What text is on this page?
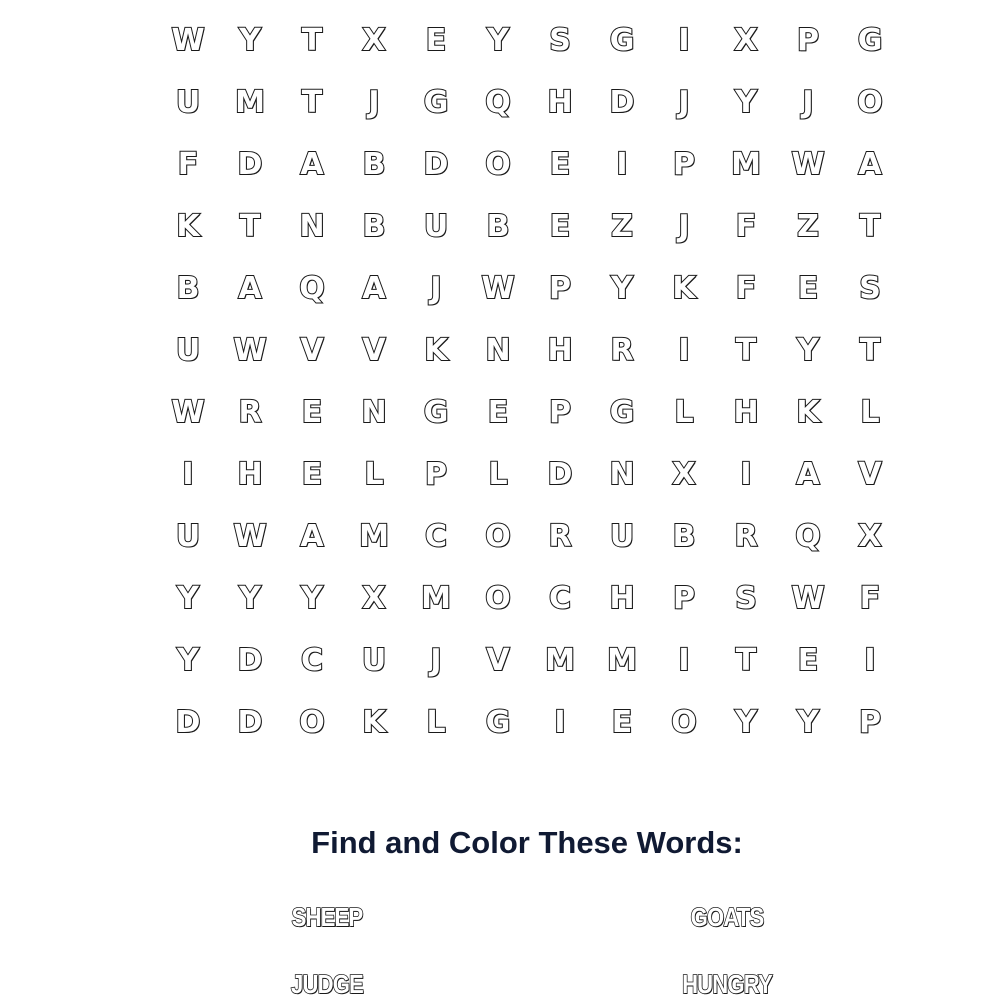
W	Y	T	X	E	Y	S	G	I	X	P	G
U	M	T	J	G	Q	H	D	J	Y	J	O
F	D	A	B	D	O	E	I	P	M	W	A
K	T	N	B	U	B	E	Z	J	F	Z	T
B	A	Q	A	J	W	P	Y	K	F	E	S
U	W	V	V	K	N	H	R	I	T	Y	T
W	R	E	N	G	E	P	G	L	H	K	L
I	H	E	L	P	L	D	N	X	I	A	V
U	W	A	M	C	O	R	U	B	R	Q	X
Y	Y	Y	X	M	O	C	H	P	S	W	F
Y	D	C	U	J	V	M	M	I	T	E	I
D	D	O	K	L	G	I	E	O	Y	Y	P
Find and Color These Words:
SHEEP	GOATS
JUDGE	HUNGRY
